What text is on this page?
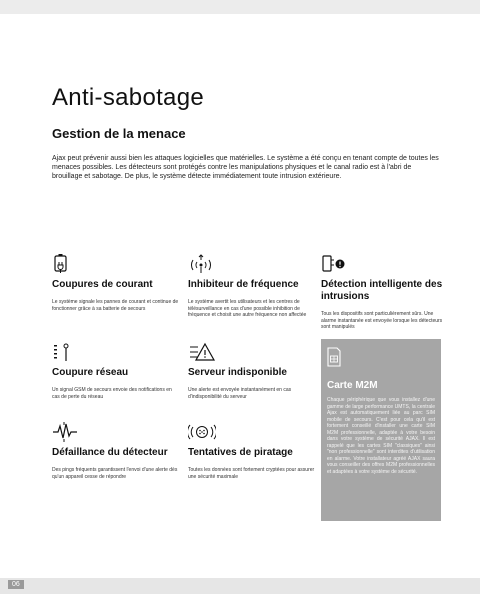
Anti-sabotage
Gestion de la menace

Ajax peut prévenir aussi bien les attaques logicielles que matérielles. Le système a été conçu en tenant compte de toutes les menaces possibles. Les détecteurs sont protégés contre les manipulations physiques et le canal radio est à l'abri de brouillage et sabotage. De plus, le système détecte immédiatement toute intrusion extérieure.

Coupures de courant

Le système signale les pannes de courant et continue de fonctionner grâce à sa batterie de secours

Inhibiteur de fréquence

Le système avertit les utilisateurs et les centres de télésurveillance en cas d'une possible inhibition de fréquence et choisit une autre fréquence non affectée

Détection intelligente des intrusions

Tous les dispositifs sont particulièrement sûrs. Une alarme instantanée est envoyée lorsque les détecteurs sont manipulés

Coupure réseau

Un signal GSM de secours envoie des notifications en cas de perte du réseau

Serveur indisponible

Une alerte est envoyée instantanément en cas d'indisponibilité du serveur

Défaillance du détecteur

Des pings fréquents garantissent l'envoi d'une alerte dès qu'un appareil cesse de répondre

Tentatives de piratage

Toutes les données sont fortement cryptées pour assurer une sécurité maximale

Carte M2M

Chaque périphérique que vous installez d'une gamme de large performance UMTS, la centrale Ajax est automatiquement liée au parc SIM mobile de secours. C'est pour cela qu'il est fortement conseillé d'installer une carte SIM M2M professionnelle, adaptée à votre besoin dans votre système de sécurité AJAX. Il est rappelé que les cartes SIM "classiques" ainsi "non professionnelle" sont interdites d'utilisation en alarme. Votre installateur agréé AJAX saura vous conseiller des offres M2M professionnelles et adaptées à votre système de sécurité.

06
